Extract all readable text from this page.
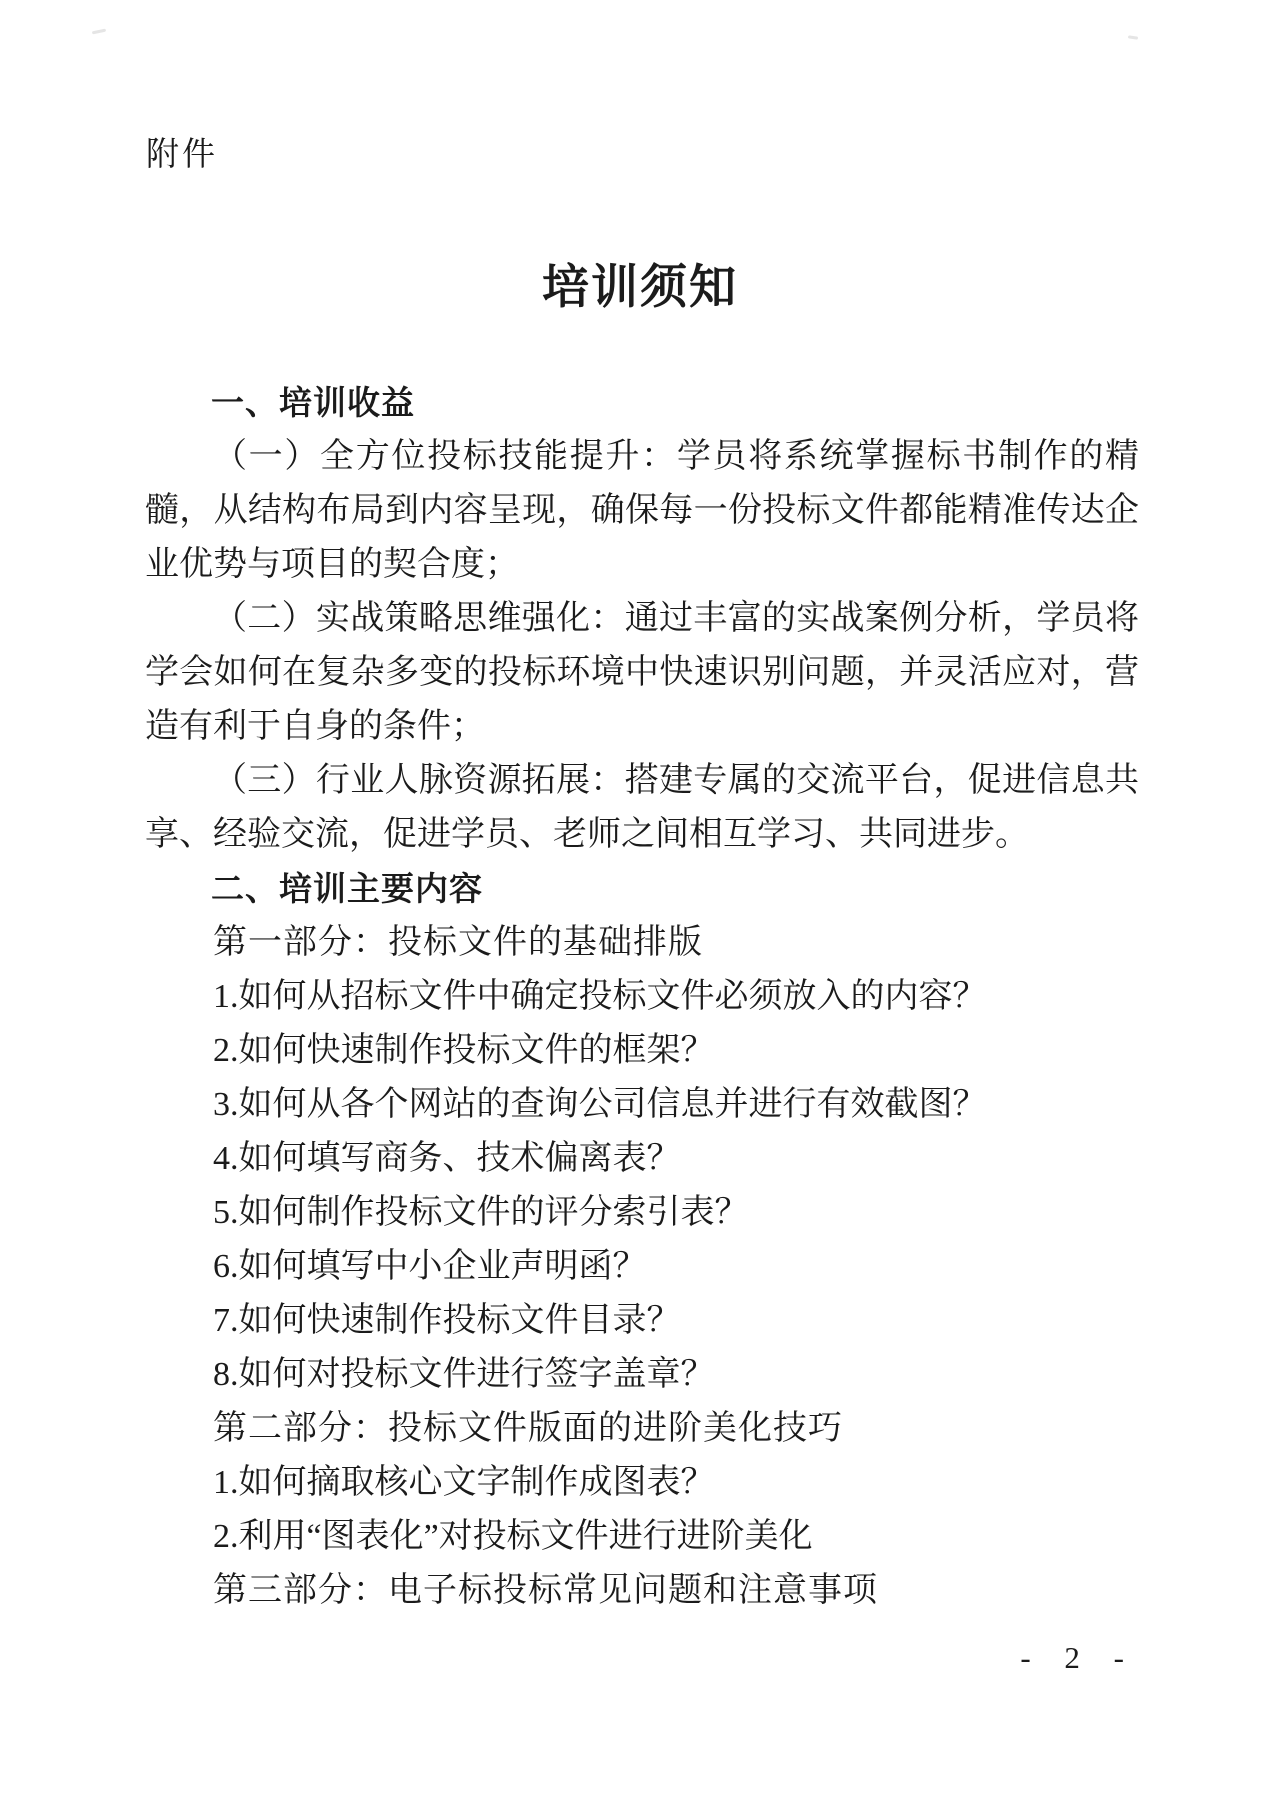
附件
培训须知
一、培训收益

（一）全方位投标技能提升：学员将系统掌握标书制作的精髓，从结构布局到内容呈现，确保每一份投标文件都能精准传达企业优势与项目的契合度；

（二）实战策略思维强化：通过丰富的实战案例分析，学员将学会如何在复杂多变的投标环境中快速识别问题，并灵活应对，营造有利于自身的条件；

（三）行业人脉资源拓展：搭建专属的交流平台，促进信息共享、经验交流，促进学员、老师之间相互学习、共同进步。

二、培训主要内容
第一部分：投标文件的基础排版
1.如何从招标文件中确定投标文件必须放入的内容？
2.如何快速制作投标文件的框架？
3.如何从各个网站的查询公司信息并进行有效截图？
4.如何填写商务、技术偏离表？
5.如何制作投标文件的评分索引表？
6.如何填写中小企业声明函？
7.如何快速制作投标文件目录？
8.如何对投标文件进行签字盖章？
第二部分：投标文件版面的进阶美化技巧
1.如何摘取核心文字制作成图表？
2.利用“图表化”对投标文件进行进阶美化
第三部分：电子标投标常见问题和注意事项
- 2 -
